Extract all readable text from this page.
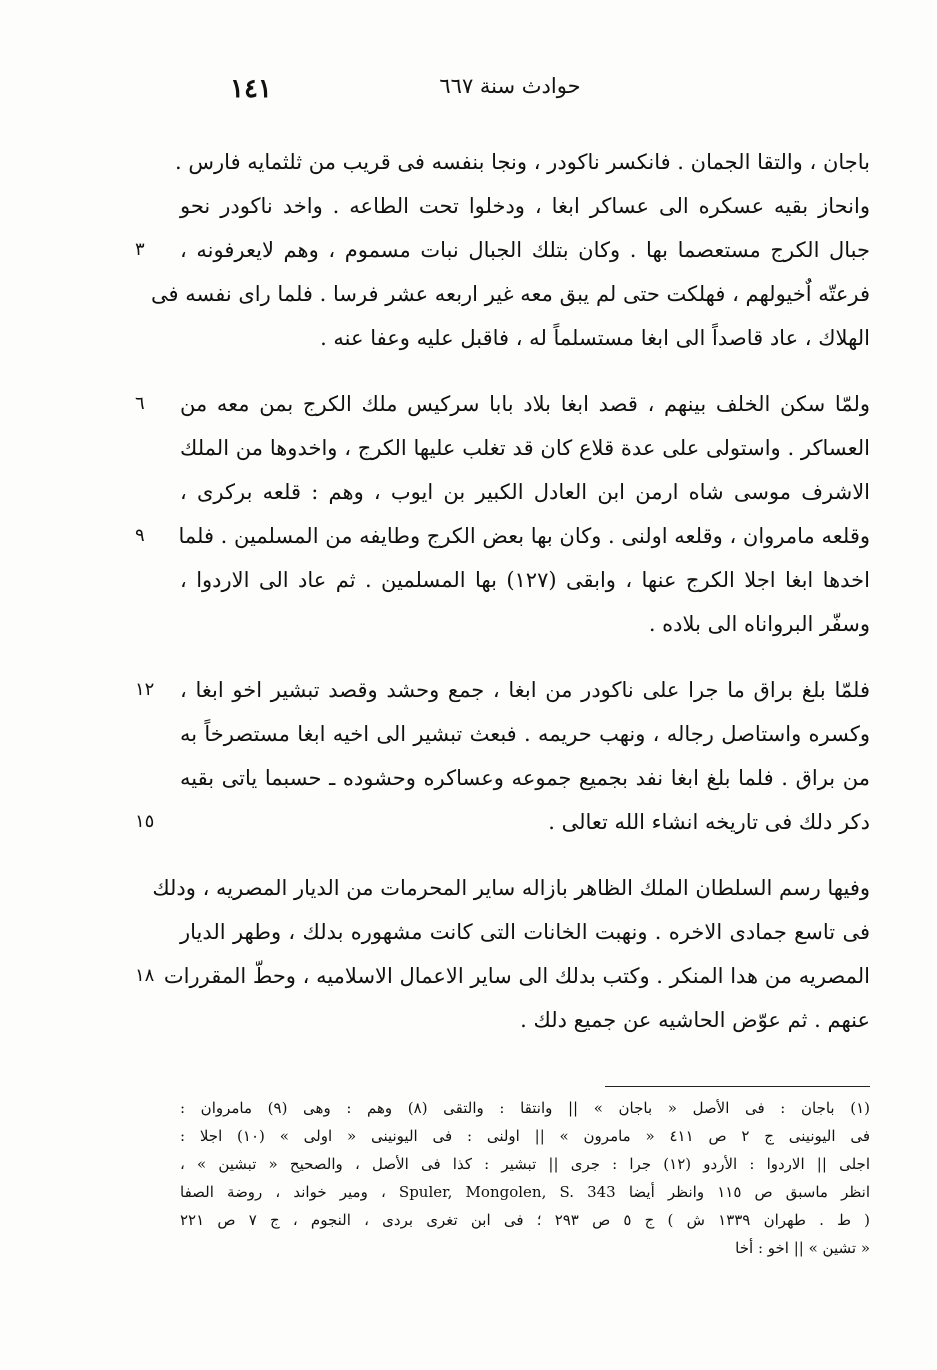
١٤١	حوادث سنة ٦٦٧
باجان ، والتقا الجمان . فانكسر ناكودر ، ونجا بنفسه فى قريب من ثلثمايه فارس .
وانحاز بقيه عسكره الى عساكر ابغا ، ودخلوا تحت الطاعه . واخد ناكودر نحو
جبال الكرج مستعصما بها . وكان بتلك الجبال نبات مسموم ، وهم لايعرفونه ،
٣
فرعتّه اٌخيولهم ، فهلكت حتى لم يبق معه غير اربعه عشر فرسا . فلما راى نفسه فى
الهلاك ، عاد قاصداً الى ابغا مستسلماً له ، فاقبل عليه وعفا عنه .
ولمّا سكن الخلف بينهم ، قصد ابغا بلاد بابا سركيس ملك الكرج بمن معه من
٦
العساكر . واستولى على عدة قلاع كان قد تغلب عليها الكرج ، واخدوها من الملك
الاشرف موسى شاه ارمن ابن العادل الكبير بن ايوب ، وهم : قلعه بركرى ،
وقلعه مامروان ، وقلعه اولنى . وكان بها بعض الكرج وطايفه من المسلمين . فلما
٩
اخدها ابغا اجلا الكرج عنها ، وابقى (١٢٧) بها المسلمين . ثم عاد الى الاردوا ،
وسفّر البرواناه الى بلاده .
فلمّا بلغ براق ما جرا على ناكودر من ابغا ، جمع وحشد وقصد تبشير اخو ابغا ،
١٢
وكسره واستاصل رجاله ، ونهب حريمه . فبعث تبشير الى اخيه ابغا مستصرخاً به
من براق . فلما بلغ ابغا نفد بجميع جموعه وعساكره وحشوده ـ حسبما ياتى بقيه
دكر دلك فى تاريخه انشاء الله تعالى .
١٥
وفيها رسم السلطان الملك الظاهر بازاله ساير المحرمات من الديار المصريه ، ودلك
فى تاسع جمادى الاخره . ونهبت الخانات التى كانت مشهوره بدلك ، وطهر الديار
المصريه من هدا المنكر . وكتب بدلك الى ساير الاعمال الاسلاميه ، وحطّ المقررات
١٨
عنهم . ثم عوّض الحاشيه عن جميع دلك .
(١) باجان : فى الأصل « باجان » || وانتقا : والتقى (٨) وهم : وهى (٩) مامروان :
فى اليونينى ج ٢ ص ٤١١ « مامرون » || اولنى : فى اليونينى « اولى » (١٠) اجلا :
اجلى || الاردوا : الأردو (١٢) جرا : جرى || تبشير : كذا فى الأصل ، والصحيح « تبشين » ،
انظر ماسبق ص ١١٥ وانظر أيضا Spuler, Mongolen, S. 343 ، ومير خواند ، روضة الصفا
( ط . طهران ١٣٣٩ ش ) ج ٥ ص ٢٩٣ ؛ فى ابن تغرى بردى ، النجوم ، ج ٧ ص ٢٢١
« تشين » || اخو : أخا
